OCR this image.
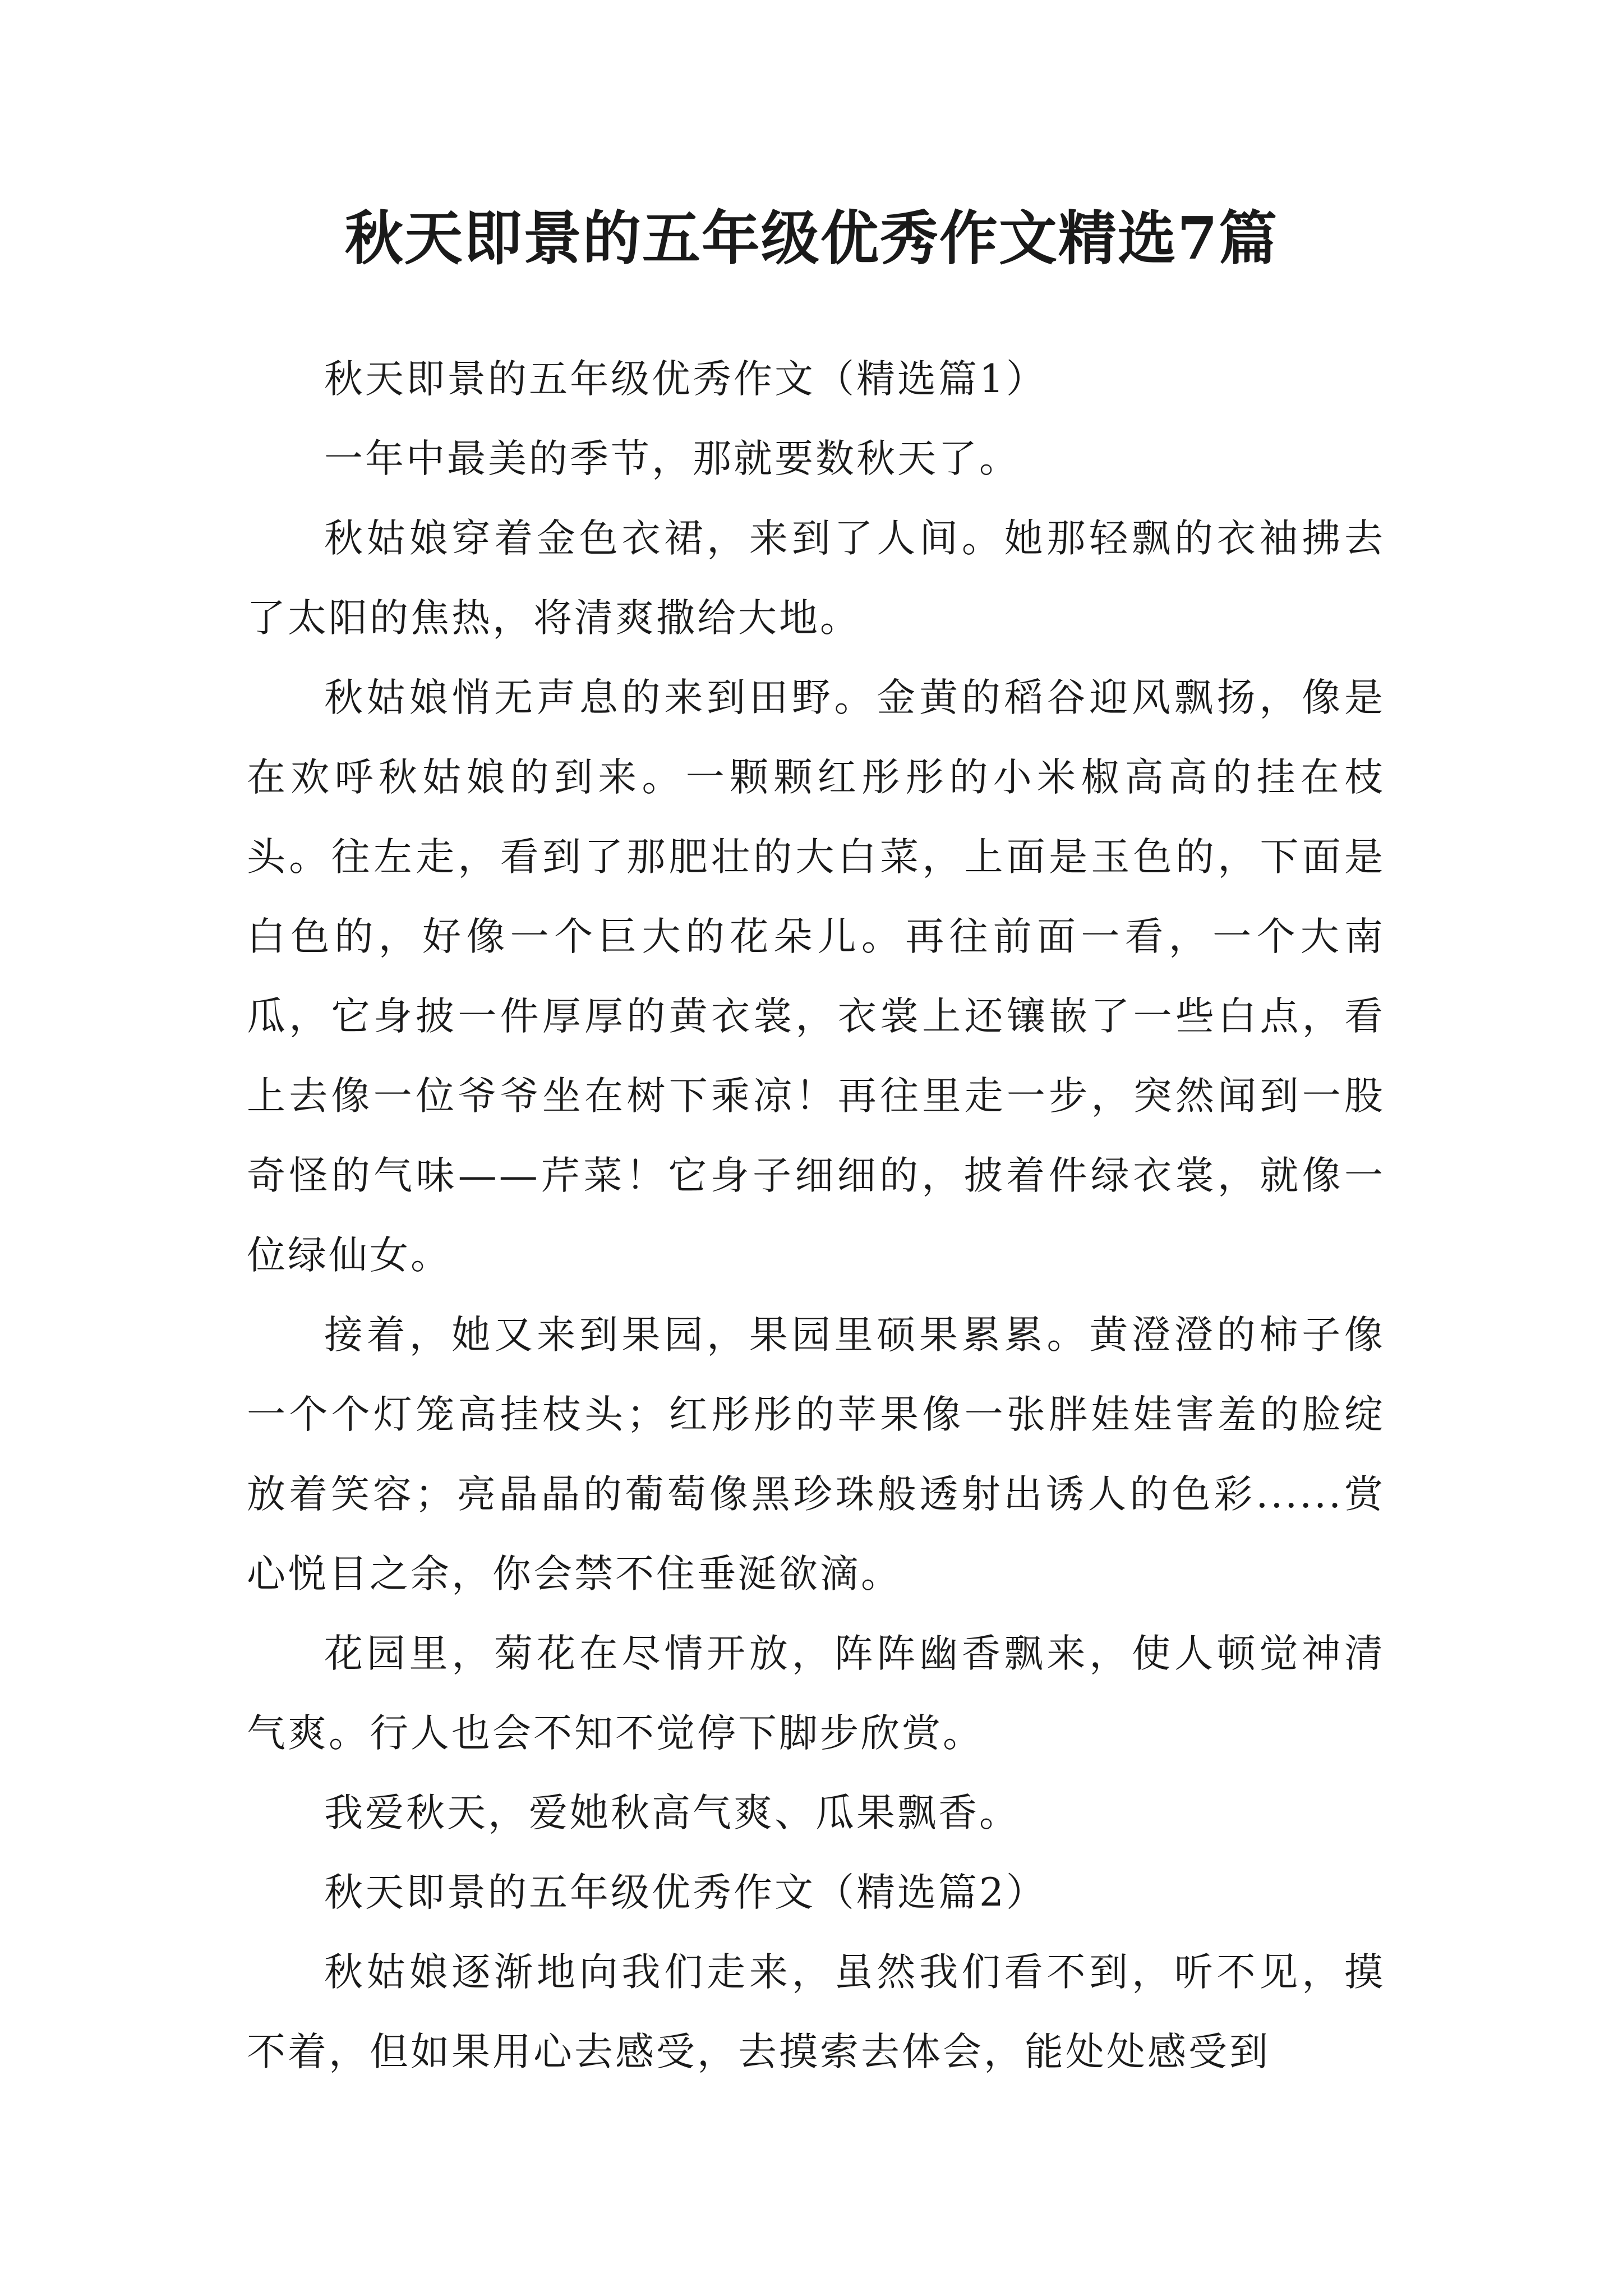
秋天即景的五年级优秀作文精选7篇

秋天即景的五年级优秀作文（精选篇1）

一年中最美的季节，那就要数秋天了。

秋姑娘穿着金色衣裙，来到了人间。她那轻飘的衣袖拂去了太阳的焦热，将清爽撒给大地。

秋姑娘悄无声息的来到田野。金黄的稻谷迎风飘扬，像是在欢呼秋姑娘的到来。一颗颗红彤彤的小米椒高高的挂在枝头。往左走，看到了那肥壮的大白菜，上面是玉色的，下面是白色的，好像一个巨大的花朵儿。再往前面一看，一个大南瓜，它身披一件厚厚的黄衣裳，衣裳上还镶嵌了一些白点，看上去像一位爷爷坐在树下乘凉！再往里走一步，突然闻到一股奇怪的气味——芹菜！它身子细细的，披着件绿衣裳，就像一位绿仙女。

接着，她又来到果园，果园里硕果累累。黄澄澄的柿子像一个个灯笼高挂枝头；红彤彤的苹果像一张胖娃娃害羞的脸绽放着笑容；亮晶晶的葡萄像黑珍珠般透射出诱人的色彩......赏心悦目之余，你会禁不住垂涎欲滴。

花园里，菊花在尽情开放，阵阵幽香飘来，使人顿觉神清气爽。行人也会不知不觉停下脚步欣赏。

我爱秋天，爱她秋高气爽、瓜果飘香。

秋天即景的五年级优秀作文（精选篇2）

秋姑娘逐渐地向我们走来，虽然我们看不到，听不见，摸不着，但如果用心去感受，去摸索去体会，能处处感受到
